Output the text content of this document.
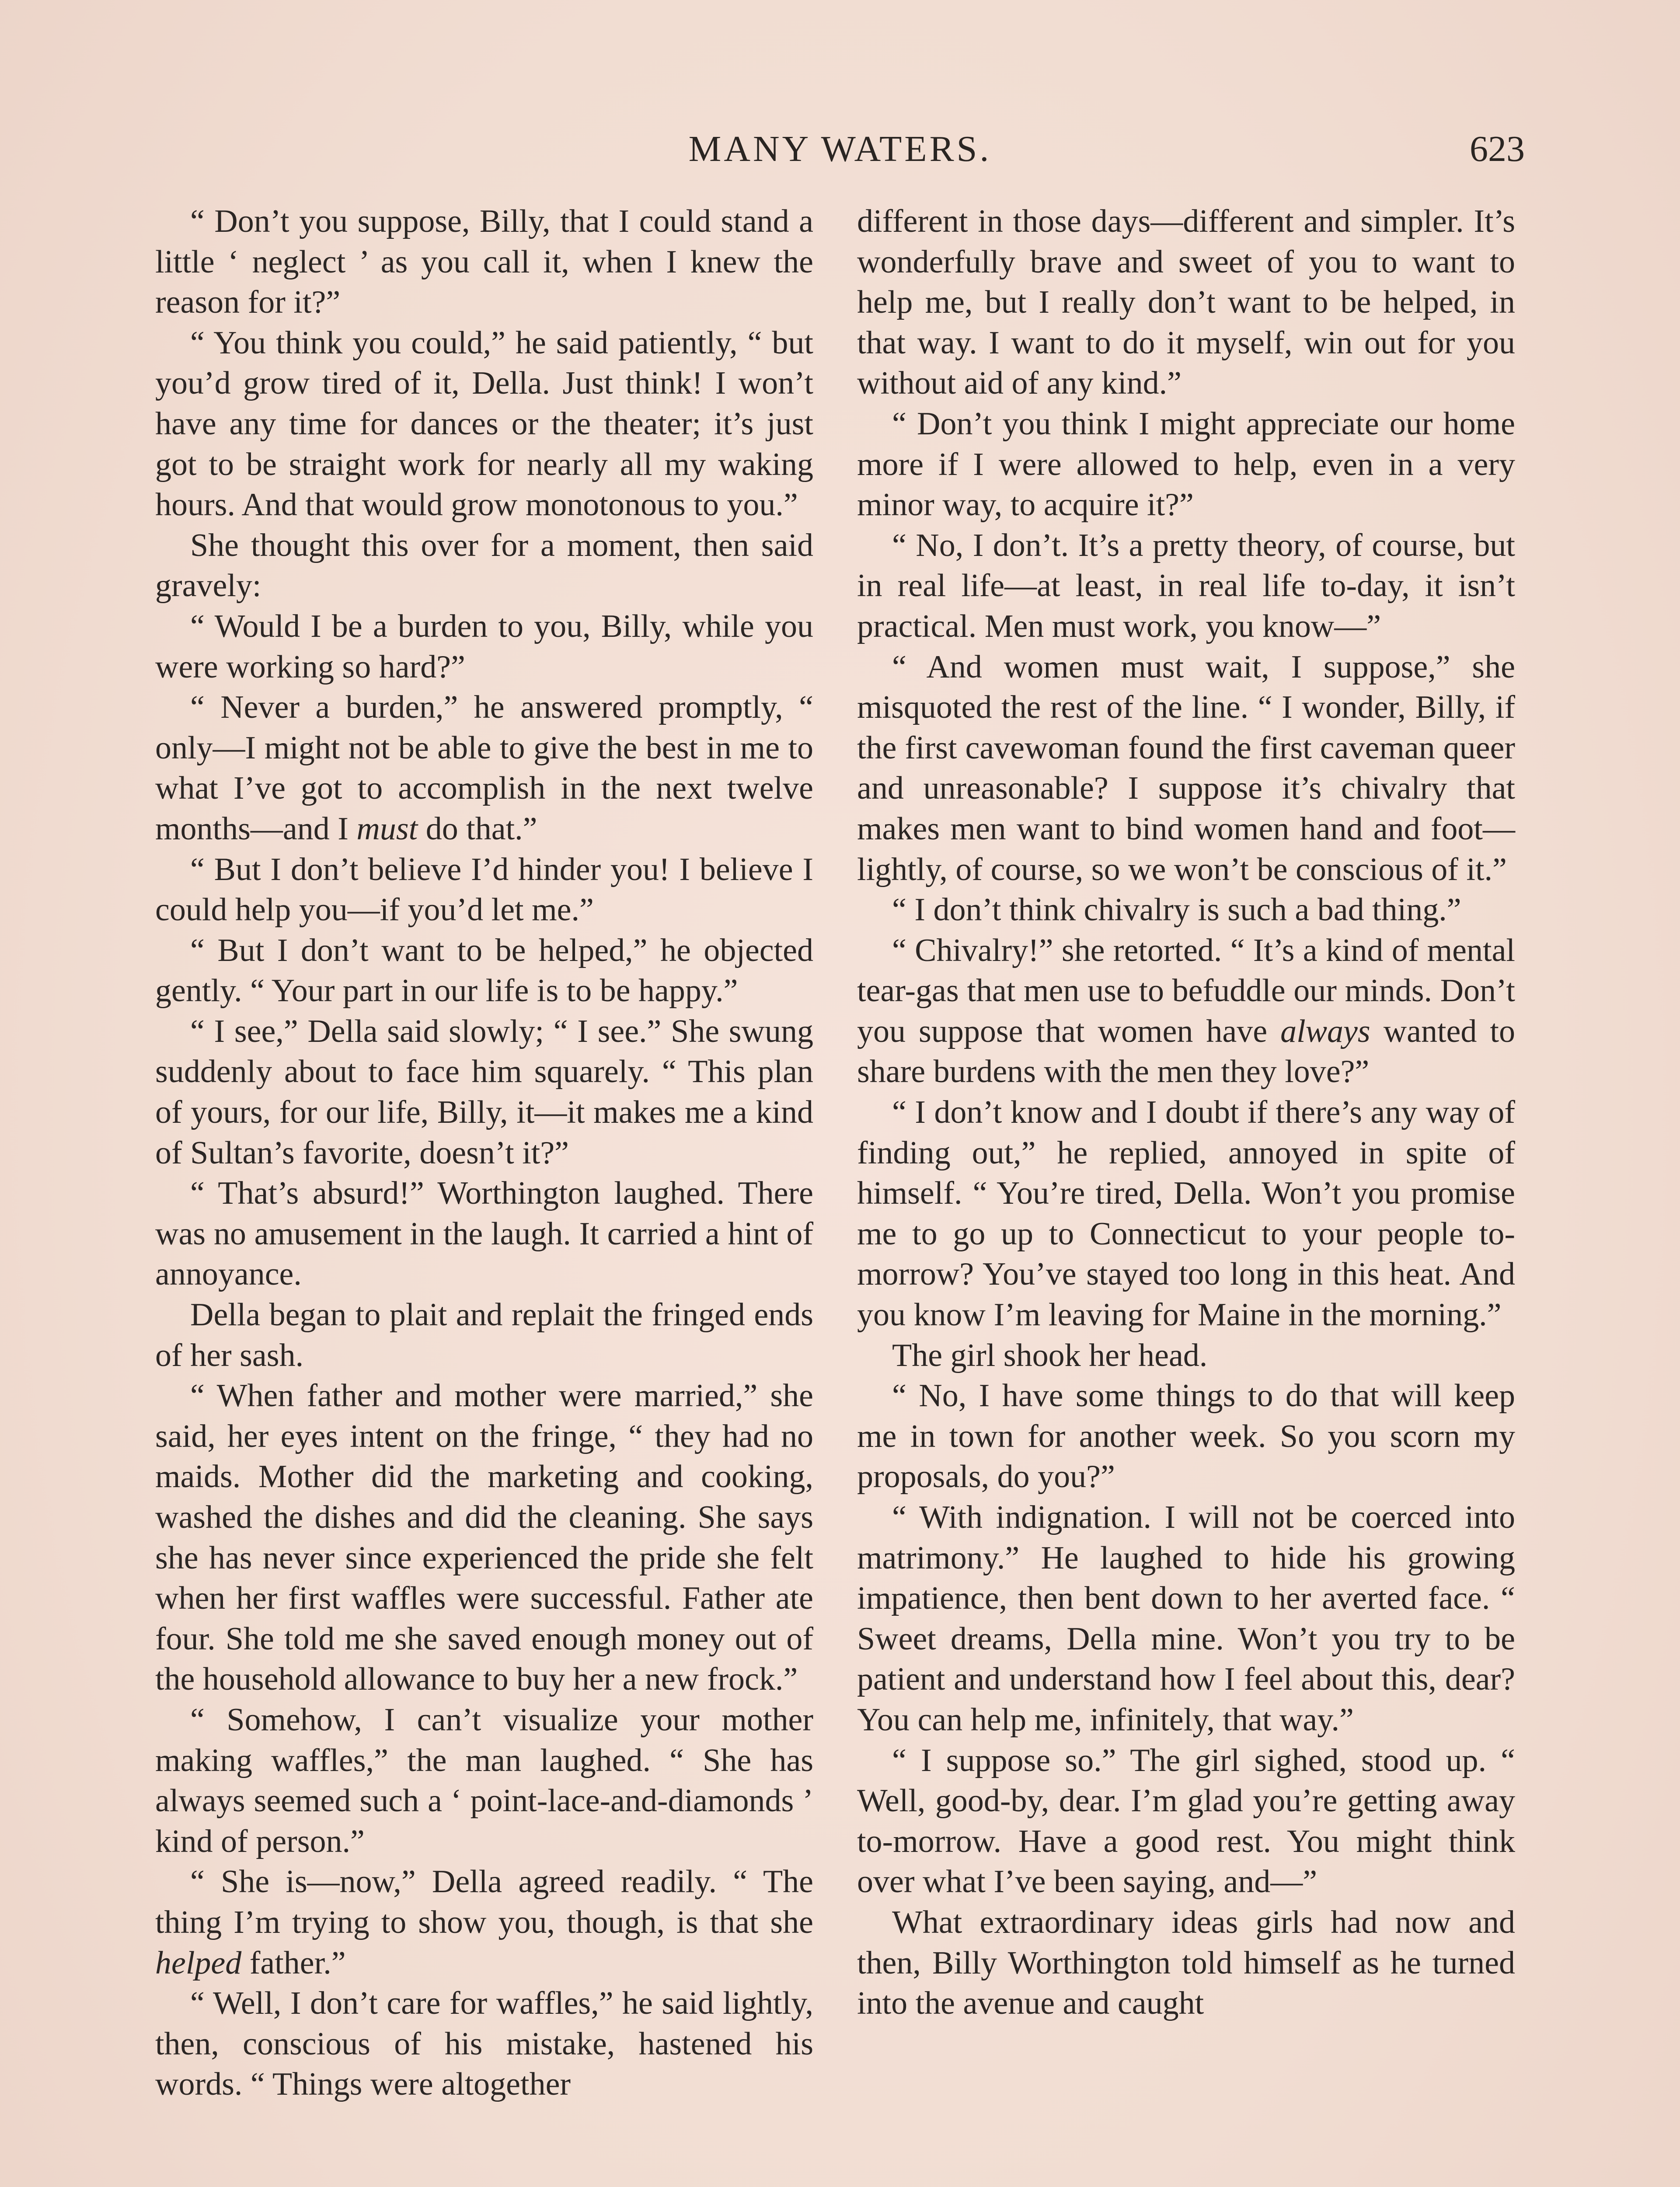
MANY WATERS.	623

“ Don’t you suppose, Billy, that I could stand a little ‘ neglect ’ as you call it, when I knew the reason for it?”

“ You think you could,” he said patiently, “ but you’d grow tired of it, Della. Just think! I won’t have any time for dances or the theater; it’s just got to be straight work for nearly all my waking hours. And that would grow monotonous to you.”

She thought this over for a moment, then said gravely:

“ Would I be a burden to you, Billy, while you were working so hard?”

“ Never a burden,” he answered promptly, “ only—I might not be able to give the best in me to what I’ve got to accomplish in the next twelve months—and I must do that.”

“ But I don’t believe I’d hinder you! I believe I could help you—if you’d let me.”

“ But I don’t want to be helped,” he objected gently. “ Your part in our life is to be happy.”

“ I see,” Della said slowly; “ I see.” She swung suddenly about to face him squarely. “ This plan of yours, for our life, Billy, it—it makes me a kind of Sultan’s favorite, doesn’t it?”

“ That’s absurd!” Worthington laughed. There was no amusement in the laugh. It carried a hint of annoyance.

Della began to plait and replait the fringed ends of her sash.

“ When father and mother were married,” she said, her eyes intent on the fringe, “ they had no maids. Mother did the marketing and cooking, washed the dishes and did the cleaning. She says she has never since experienced the pride she felt when her first waffles were successful. Father ate four. She told me she saved enough money out of the household allowance to buy her a new frock.”

“ Somehow, I can’t visualize your mother making waffles,” the man laughed. “ She has always seemed such a ‘ point-lace-and-diamonds ’ kind of person.”

“ She is—now,” Della agreed readily. “ The thing I’m trying to show you, though, is that she helped father.”

“ Well, I don’t care for waffles,” he said lightly, then, conscious of his mistake, hastened his words. “ Things were altogether

different in those days—different and simpler. It’s wonderfully brave and sweet of you to want to help me, but I really don’t want to be helped, in that way. I want to do it myself, win out for you without aid of any kind.”

“ Don’t you think I might appreciate our home more if I were allowed to help, even in a very minor way, to acquire it?”

“ No, I don’t. It’s a pretty theory, of course, but in real life—at least, in real life to-day, it isn’t practical. Men must work, you know—”

“ And women must wait, I suppose,” she misquoted the rest of the line. “ I wonder, Billy, if the first cavewoman found the first caveman queer and unreasonable? I suppose it’s chivalry that makes men want to bind women hand and foot—lightly, of course, so we won’t be conscious of it.”

“ I don’t think chivalry is such a bad thing.”

“ Chivalry!” she retorted. “ It’s a kind of mental tear-gas that men use to befuddle our minds. Don’t you suppose that women have always wanted to share burdens with the men they love?”

“ I don’t know and I doubt if there’s any way of finding out,” he replied, annoyed in spite of himself. “ You’re tired, Della. Won’t you promise me to go up to Connecticut to your people to-morrow? You’ve stayed too long in this heat. And you know I’m leaving for Maine in the morning.”

The girl shook her head.

“ No, I have some things to do that will keep me in town for another week. So you scorn my proposals, do you?”

“ With indignation. I will not be coerced into matrimony.” He laughed to hide his growing impatience, then bent down to her averted face. “ Sweet dreams, Della mine. Won’t you try to be patient and understand how I feel about this, dear? You can help me, infinitely, that way.”

“ I suppose so.” The girl sighed, stood up. “ Well, good-by, dear. I’m glad you’re getting away to-morrow. Have a good rest. You might think over what I’ve been saying, and—”

What extraordinary ideas girls had now and then, Billy Worthington told himself as he turned into the avenue and caught
